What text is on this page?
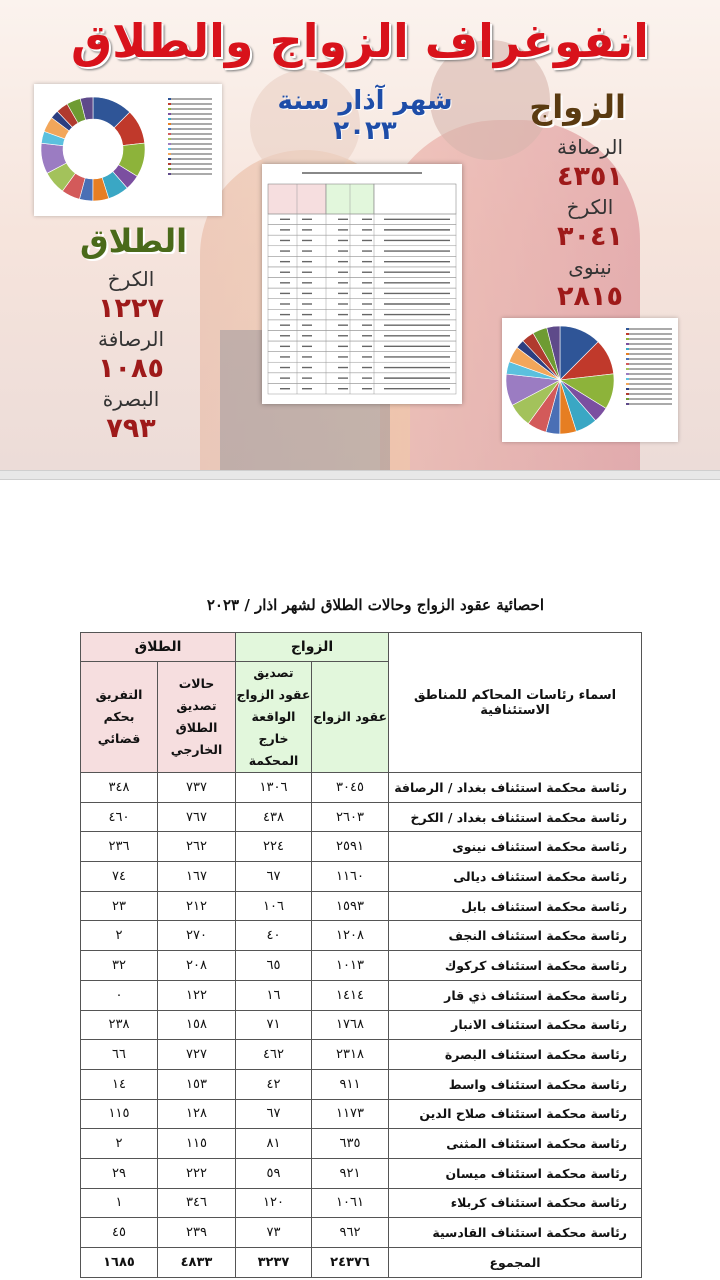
انفوغراف الزواج والطلاق
شهر آذار سنة ٢٠٢٣
الزواج
الرصافة
٤٣٥١
الكرخ
٣٠٤١
نينوى
٢٨١٥
الطلاق
الكرخ
١٢٢٧
الرصافة
١٠٨٥
البصرة
٧٩٣
احصائية عقود الزواج وحالات الطلاق لشهر اذار / ٢٠٢٣
اسماء رئاسات المحاكم للمناطق الاستئنافية	الزواج		الطلاق	
	عقود الزواج	تصديق عقود الزواج الواقعة خارج المحكمة	حالات تصديق الطلاق الخارجي	التفريق بحكم قضائي
رئاسة محكمة استئناف بغداد / الرصافة	٣٠٤٥	١٣٠٦	٧٣٧	٣٤٨
رئاسة محكمة استئناف بغداد / الكرخ	٢٦٠٣	٤٣٨	٧٦٧	٤٦٠
رئاسة محكمة استئناف نينوى	٢٥٩١	٢٢٤	٢٦٢	٢٣٦
رئاسة محكمة استئناف ديالى	١١٦٠	٦٧	١٦٧	٧٤
رئاسة محكمة استئناف بابل	١٥٩٣	١٠٦	٢١٢	٢٣
رئاسة محكمة استئناف النجف	١٢٠٨	٤٠	٢٧٠	٢
رئاسة محكمة استئناف كركوك	١٠١٣	٦٥	٢٠٨	٣٢
رئاسة محكمة استئناف ذي قار	١٤١٤	١٦	١٢٢	٠
رئاسة محكمة استئناف الانبار	١٧٦٨	٧١	١٥٨	٢٣٨
رئاسة محكمة استئناف البصرة	٢٣١٨	٤٦٢	٧٢٧	٦٦
رئاسة محكمة استئناف واسط	٩١١	٤٢	١٥٣	١٤
رئاسة محكمة استئناف صلاح الدين	١١٧٣	٦٧	١٢٨	١١٥
رئاسة محكمة استئناف المثنى	٦٣٥	٨١	١١٥	٢
رئاسة محكمة استئناف ميسان	٩٢١	٥٩	٢٢٢	٢٩
رئاسة محكمة استئناف كربلاء	١٠٦١	١٢٠	٣٤٦	١
رئاسة محكمة استئناف القادسية	٩٦٢	٧٣	٢٣٩	٤٥
المجموع	٢٤٣٧٦	٣٢٣٧	٤٨٣٣	١٦٨٥
